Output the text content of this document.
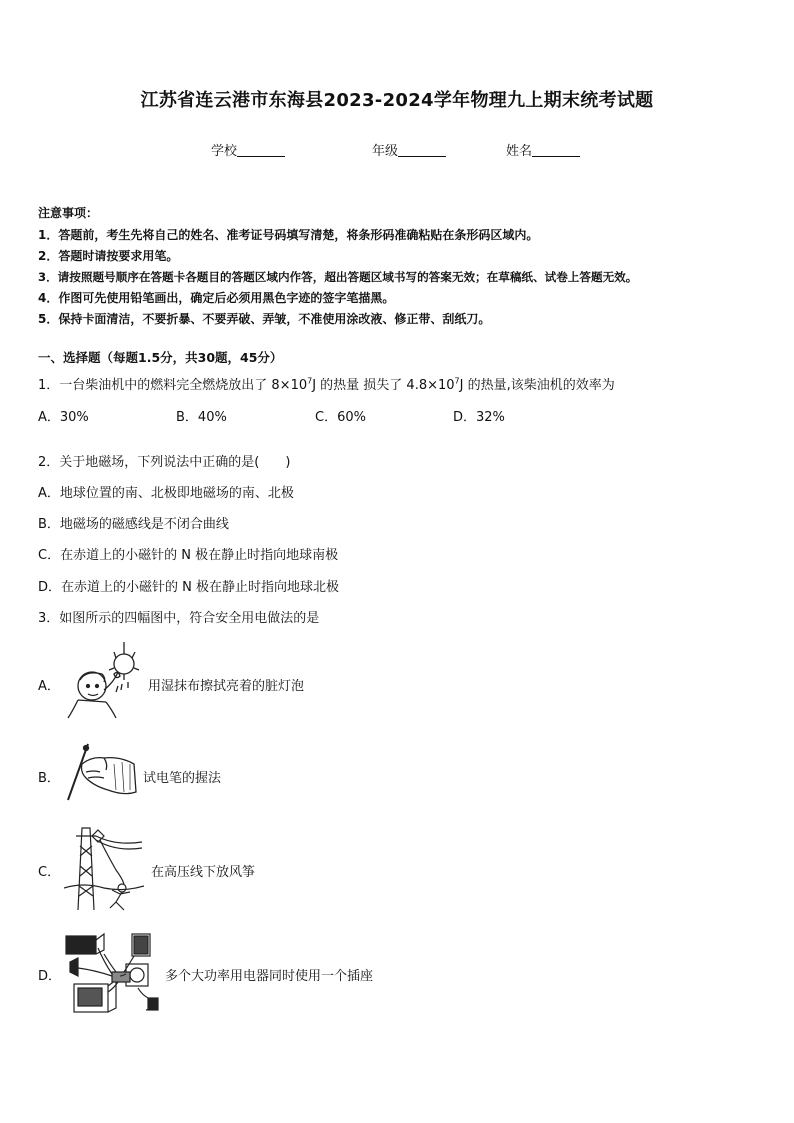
江苏省连云港市东海县2023-2024学年物理九上期末统考试题
学校	年级	姓名
注意事项：
1．答题前，考生先将自己的姓名、准考证号码填写清楚，将条形码准确粘贴在条形码区域内。
2．答题时请按要求用笔。
3．请按照题号顺序在答题卡各题目的答题区域内作答，超出答题区域书写的答案无效；在草稿纸、试卷上答题无效。
4．作图可先使用铅笔画出，确定后必须用黑色字迹的签字笔描黑。
5．保持卡面清洁，不要折暴、不要弄破、弄皱，不准使用涂改液、修正带、刮纸刀。
一、选择题（每题1.5分，共30题，45分）
1．一台柴油机中的燃料完全燃烧放出了 $8\times 10^7J$ 的热量 损失了 $4.8\times 10^7J$ 的热量,该柴油机的效率为
A．30%	B．40%	C．60%	D．32%
2．关于地磁场，下列说法中正确的是(　　)
A．地球位置的南、北极即地磁场的南、北极
B．地磁场的磁感线是不闭合曲线
C．在赤道上的小磁针的 N 极在静止时指向地球南极
D．在赤道上的小磁针的 N 极在静止时指向地球北极
3．如图所示的四幅图中，符合安全用电做法的是
A．	用湿抹布擦拭亮着的脏灯泡
B．	试电笔的握法
C．	在高压线下放风筝
D．	多个大功率用电器同时使用一个插座
